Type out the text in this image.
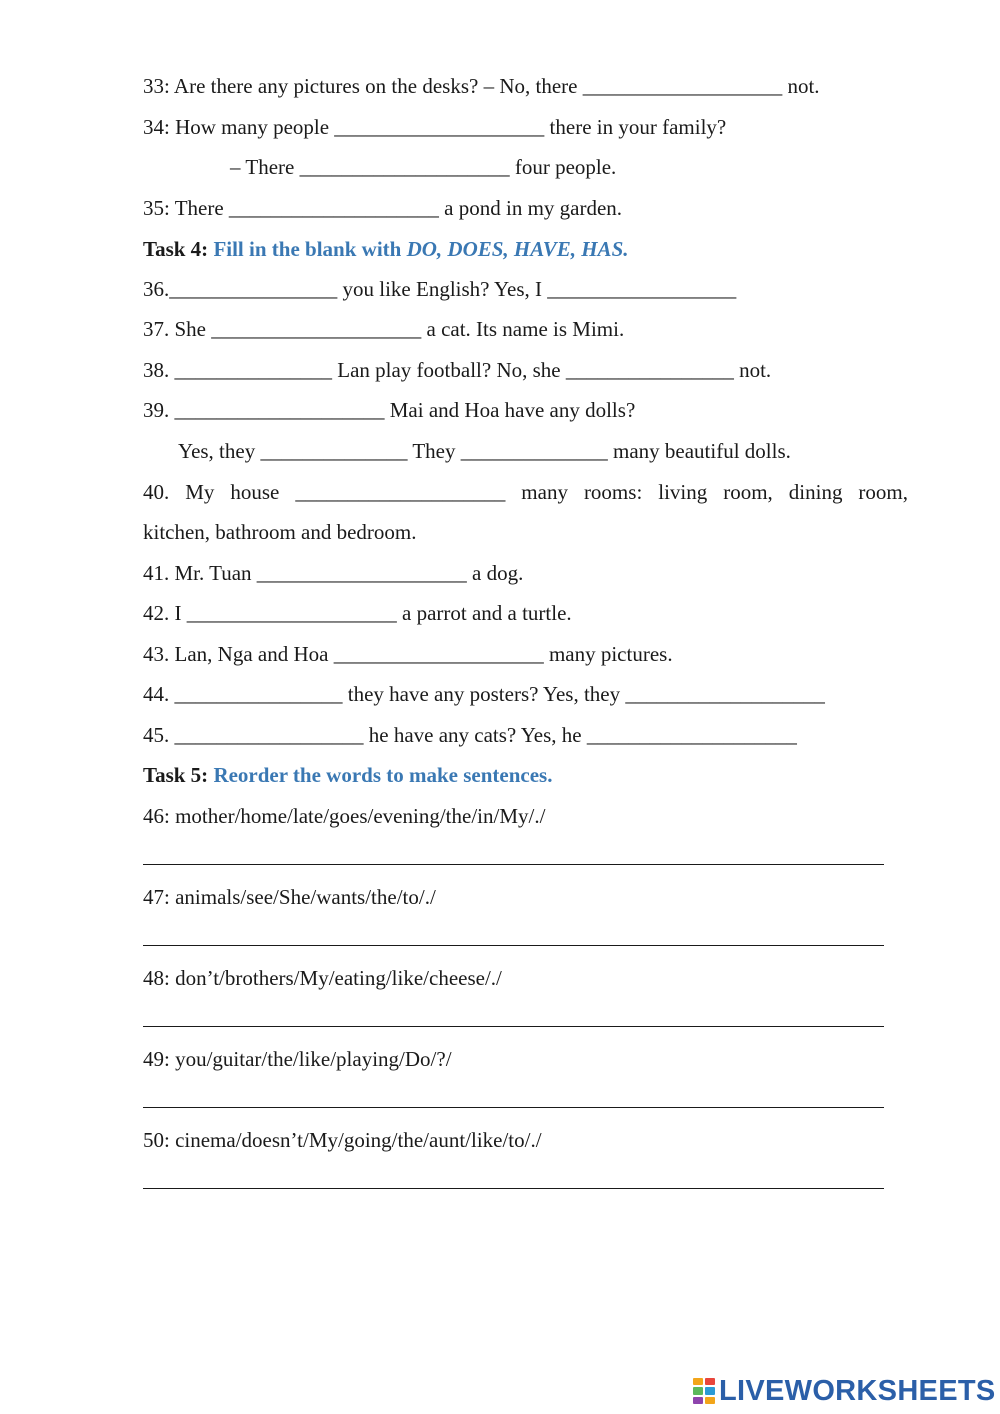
33: Are there any pictures on the desks? – No, there ___________________ not.
34: How many people ____________________ there in your family?
– There ____________________ four people.
35: There ____________________ a pond in my garden.
Task 4: Fill in the blank with DO, DOES, HAVE, HAS.
36.________________ you like English? Yes, I __________________
37. She ____________________ a cat. Its name is Mimi.
38. _______________ Lan play football? No, she ________________ not.
39. ____________________ Mai and Hoa have any dolls?
Yes, they ______________ They ______________ many beautiful dolls.
40. My house ____________________ many rooms: living room, dining room,
kitchen, bathroom and bedroom.
41. Mr. Tuan ____________________ a dog.
42. I ____________________ a parrot and a turtle.
43. Lan, Nga and Hoa ____________________ many pictures.
44. ________________ they have any posters? Yes, they ___________________
45. __________________ he have any cats? Yes, he ____________________
Task 5: Reorder the words to make sentences.
46: mother/home/late/goes/evening/the/in/My/./
47: animals/see/She/wants/the/to/./
48: don’t/brothers/My/eating/like/cheese/./
49: you/guitar/the/like/playing/Do/?/
50: cinema/doesn’t/My/going/the/aunt/like/to/./
LIVEWORKSHEETS
